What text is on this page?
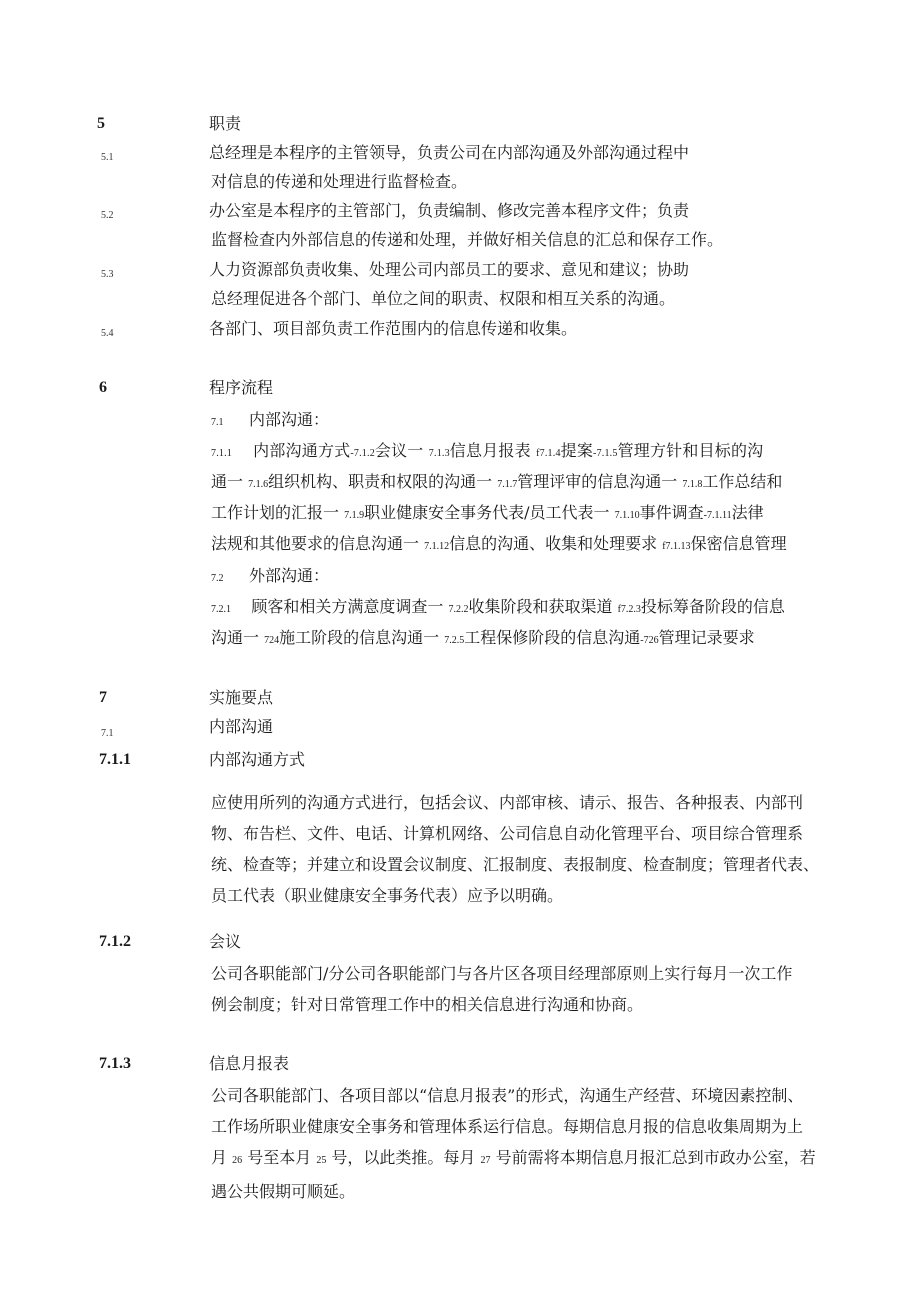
5	职责
5.1	总经理是本程序的主管领导，负责公司在内部沟通及外部沟通过程中
对信息的传递和处理进行监督检查。
5.2	办公室是本程序的主管部门，负责编制、修改完善本程序文件；负责
监督检查内外部信息的传递和处理，并做好相关信息的汇总和保存工作。
5.3	人力资源部负责收集、处理公司内部员工的要求、意见和建议；协助
总经理促进各个部门、单位之间的职责、权限和相互关系的沟通。
5.4	各部门、项目部负责工作范围内的信息传递和收集。
6	程序流程
7.1 内部沟通：
7.1.1 内部沟通方式-7.1.2会议一 7.1.3信息月报表 f7.1.4提案-7.1.5管理方针和目标的沟
通一 7.1.6组织机构、职责和权限的沟通一 7.1.7管理评审的信息沟通一 7.1.8工作总结和
工作计划的汇报一 7.1.9职业健康安全事务代表/员工代表一 7.1.10事件调查-7.1.11法律
法规和其他要求的信息沟通一 7.1.12信息的沟通、收集和处理要求 f7.1.13保密信息管理
7.2 外部沟通：
7.2.1 顾客和相关方满意度调查一 7.2.2收集阶段和获取渠道 f7.2.3投标筹备阶段的信息
沟通一 724施工阶段的信息沟通一 7.2.5工程保修阶段的信息沟通-726管理记录要求
7	实施要点
7.1	内部沟通
7.1.1	内部沟通方式
应使用所列的沟通方式进行，包括会议、内部审核、请示、报告、各种报表、内部刊
物、布告栏、文件、电话、计算机网络、公司信息自动化管理平台、项目综合管理系
统、检查等；并建立和设置会议制度、汇报制度、表报制度、检查制度；管理者代表、
员工代表（职业健康安全事务代表）应予以明确。
7.1.2	会议
公司各职能部门/分公司各职能部门与各片区各项目经理部原则上实行每月一次工作
例会制度；针对日常管理工作中的相关信息进行沟通和协商。
7.1.3	信息月报表
公司各职能部门、各项目部以“信息月报表”的形式，沟通生产经营、环境因素控制、
工作场所职业健康安全事务和管理体系运行信息。每期信息月报的信息收集周期为上
月 26 号至本月 25 号，以此类推。每月 27 号前需将本期信息月报汇总到市政办公室，若
遇公共假期可顺延。
